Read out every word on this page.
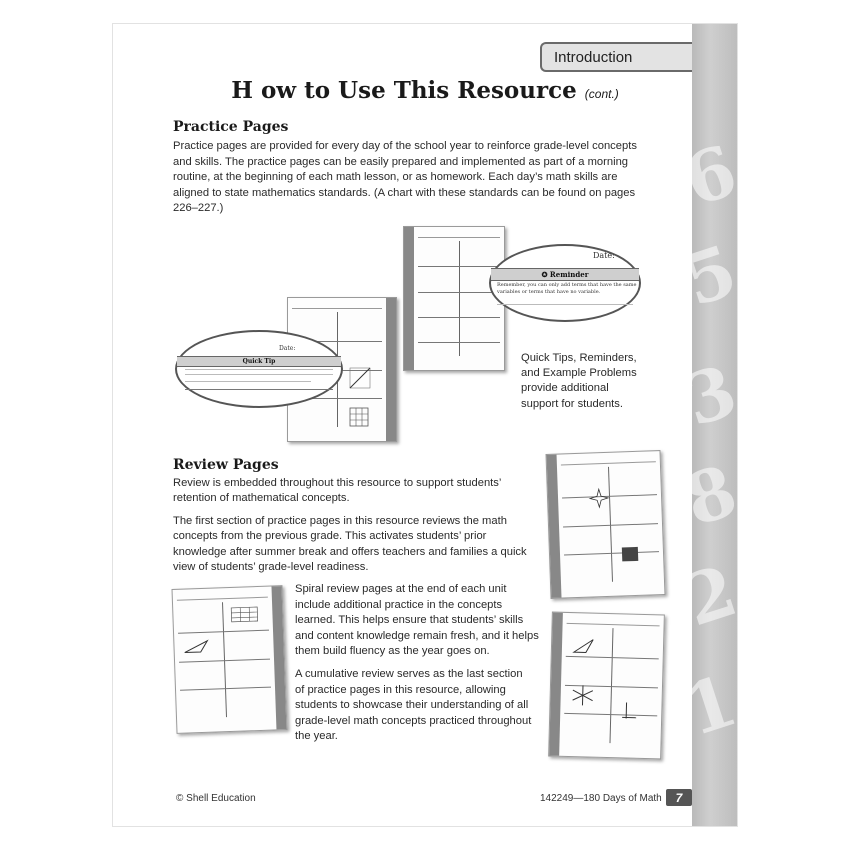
6
5
3
8
2
1
Introduction
H ow to Use This Resource (cont.)
Practice Pages
Practice pages are provided for every day of the school year to reinforce grade-level concepts
and skills. The practice pages can be easily prepared and implemented as part of a morning
routine, at the beginning of each math lesson, or as homework. Each day’s math skills are
aligned to state mathematics standards. (A chart with these standards can be found on pages
226–227.)
Date:
Quick Tip
Date:
✪ Reminder
Remember, you can only add terms that have the same
variables or terms that have no variable.
Quick Tips, Reminders,
and Example Problems
provide additional
support for students.
Review Pages
Review is embedded throughout this resource to support students’
retention of mathematical concepts.
The first section of practice pages in this resource reviews the math
concepts from the previous grade. This activates students’ prior
knowledge after summer break and offers teachers and families a quick
view of students’ grade-level readiness.
Spiral review pages at the end of each unit
include additional practice in the concepts
learned. This helps ensure that students’ skills
and content knowledge remain fresh, and it helps
them build fluency as the year goes on.
A cumulative review serves as the last section
of practice pages in this resource, allowing
students to showcase their understanding of all
grade-level math concepts practiced throughout
the year.
© Shell Education	142249—180 Days of Math	7
